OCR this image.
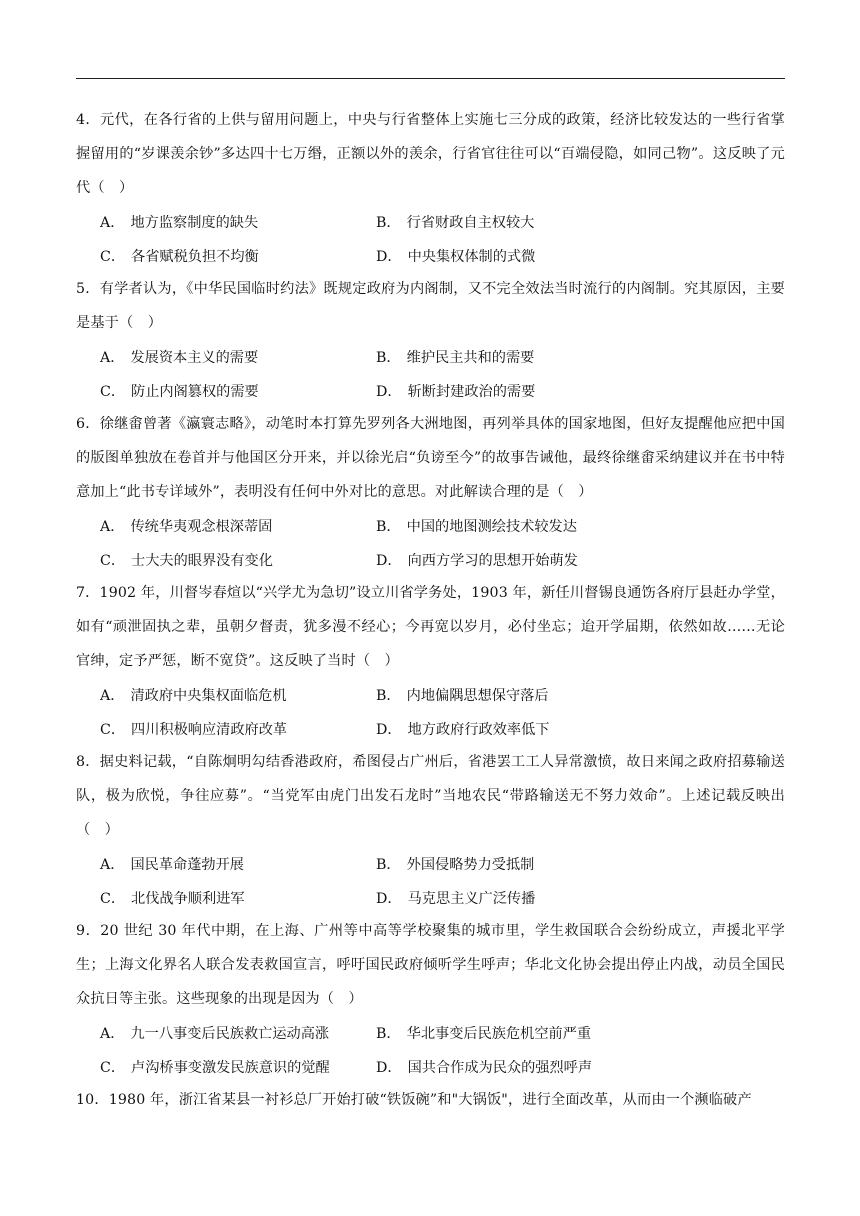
4．元代，在各行省的上供与留用问题上，中央与行省整体上实施七三分成的政策，经济比较发达的一些行省掌握留用的“岁课羡余钞”多达四十七万缗，正额以外的羡余，行省官往往可以“百端侵隐，如同己物”。这反映了元代（　）

A． 地方监察制度的缺失	B． 行省财政自主权较大
C． 各省赋税负担不均衡	D． 中央集权体制的式微

5．有学者认为，《中华民国临时约法》既规定政府为内阁制，又不完全效法当时流行的内阁制。究其原因，主要是基于（　）

A． 发展资本主义的需要	B． 维护民主共和的需要
C． 防止内阁篡权的需要	D． 斩断封建政治的需要

6．徐继畬曾著《瀛寰志略》，动笔时本打算先罗列各大洲地图，再列举具体的国家地图，但好友提醒他应把中国的版图单独放在卷首并与他国区分开来，并以徐光启“负谤至今”的故事告诫他，最终徐继畬采纳建议并在书中特意加上“此书专详域外”，表明没有任何中外对比的意思。对此解读合理的是（　）

A． 传统华夷观念根深蒂固	B． 中国的地图测绘技术较发达
C． 士大夫的眼界没有变化	D． 向西方学习的思想开始萌发

7．1902 年，川督岑春煊以“兴学尤为急切”设立川省学务处，1903 年，新任川督锡良通饬各府厅县赶办学堂，如有“顽泄固执之辈，虽朝夕督责，犹多漫不经心；今再宽以岁月，必付坐忘；迨开学届期，依然如故……无论官绅，定予严惩，断不宽贷”。这反映了当时（　）

A． 清政府中央集权面临危机	B． 内地偏隅思想保守落后
C． 四川积极响应清政府改革	D． 地方政府行政效率低下

8．据史料记载，“自陈炯明勾结香港政府，希图侵占广州后，省港罢工工人异常激愤，故日来闻之政府招募输送队，极为欣悦，争往应募”。“当党军由虎门出发石龙时”当地农民“带路输送无不努力效命”。上述记载反映出（　）

A． 国民革命蓬勃开展	B． 外国侵略势力受抵制
C． 北伐战争顺利进军	D． 马克思主义广泛传播

9．20 世纪 30 年代中期，在上海、广州等中高等学校聚集的城市里，学生救国联合会纷纷成立，声援北平学生；上海文化界名人联合发表救国宣言，呼吁国民政府倾听学生呼声；华北文化协会提出停止内战，动员全国民众抗日等主张。这些现象的出现是因为（　）

A． 九一八事变后民族救亡运动高涨	B． 华北事变后民族危机空前严重
C． 卢沟桥事变激发民族意识的觉醒	D． 国共合作成为民众的强烈呼声

10．1980 年，浙江省某县一衬衫总厂开始打破“铁饭碗”和"大锅饭"，进行全面改革，从而由一个濒临破产
